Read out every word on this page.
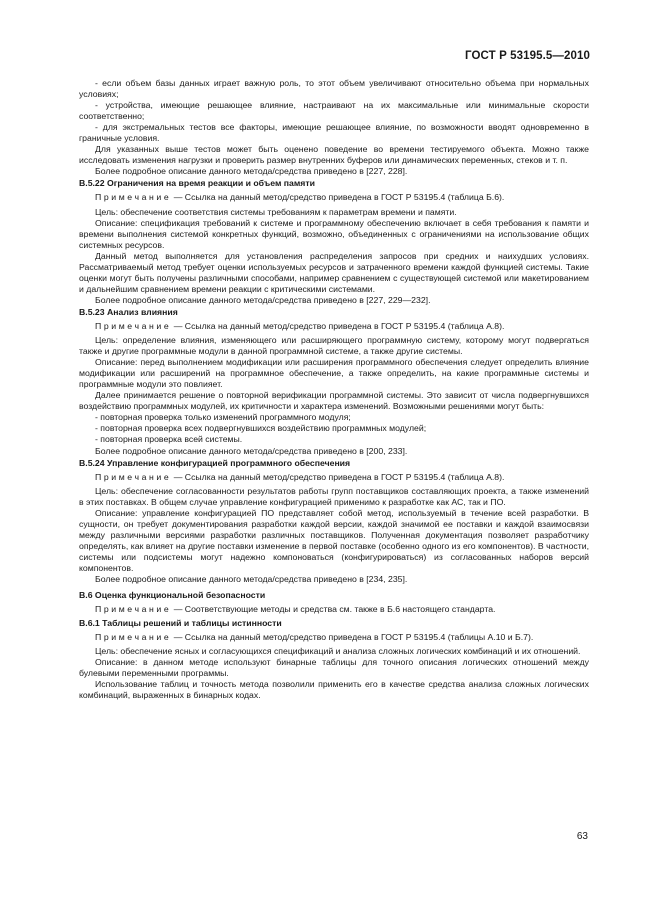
ГОСТ Р 53195.5—2010

- если объем базы данных играет важную роль, то этот объем увеличивают относительно объема при нормальных условиях;

- устройства, имеющие решающее влияние, настраивают на их максимальные или минимальные скорости соответственно;

- для экстремальных тестов все факторы, имеющие решающее влияние, по возможности вводят одновременно в граничные условия.

Для указанных выше тестов может быть оценено поведение во времени тестируемого объекта. Можно также исследовать изменения нагрузки и проверить размер внутренних буферов или динамических переменных, стеков и т. п.

Более подробное описание данного метода/средства приведено в [227, 228].

В.5.22 Ограничения на время реакции и объем памяти

Примечание — Ссылка на данный метод/средство приведена в ГОСТ Р 53195.4 (таблица Б.6).

Цель: обеспечение соответствия системы требованиям к параметрам времени и памяти.

Описание: спецификация требований к системе и программному обеспечению включает в себя требования к памяти и времени выполнения системой конкретных функций, возможно, объединенных с ограничениями на использование общих системных ресурсов.

Данный метод выполняется для установления распределения запросов при средних и наихудших условиях. Рассматриваемый метод требует оценки используемых ресурсов и затраченного времени каждой функцией системы. Такие оценки могут быть получены различными способами, например сравнением с существующей системой или макетированием и дальнейшим сравнением времени реакции с критическими системами.

Более подробное описание данного метода/средства приведено в [227, 229—232].

В.5.23 Анализ влияния

Примечание — Ссылка на данный метод/средство приведена в ГОСТ Р 53195.4 (таблица А.8).

Цель: определение влияния, изменяющего или расширяющего программную систему, которому могут подвергаться также и другие программные модули в данной программной системе, а также другие системы.

Описание: перед выполнением модификации или расширения программного обеспечения следует определить влияние модификации или расширений на программное обеспечение, а также определить, на какие программные системы и программные модули это повлияет.

Далее принимается решение о повторной верификации программной системы. Это зависит от числа подвергнувшихся воздействию программных модулей, их критичности и характера изменений. Возможными решениями могут быть:

- повторная проверка только изменений программного модуля;

- повторная проверка всех подвергнувшихся воздействию программных модулей;

- повторная проверка всей системы.

Более подробное описание данного метода/средства приведено в [200, 233].

В.5.24 Управление конфигурацией программного обеспечения

Примечание — Ссылка на данный метод/средство приведена в ГОСТ Р 53195.4 (таблица А.8).

Цель: обеспечение согласованности результатов работы групп поставщиков составляющих проекта, а также изменений в этих поставках. В общем случае управление конфигурацией применимо к разработке как АС, так и ПО.

Описание: управление конфигурацией ПО представляет собой метод, используемый в течение всей разработки. В сущности, он требует документирования разработки каждой версии, каждой значимой ее поставки и каждой взаимосвязи между различными версиями разработки различных поставщиков. Полученная документация позволяет разработчику определять, как влияет на другие поставки изменение в первой поставке (особенно одного из его компонентов). В частности, системы или подсистемы могут надежно компоноваться (конфигурироваться) из согласованных наборов версий компонентов.

Более подробное описание данного метода/средства приведено в [234, 235].

В.6 Оценка функциональной безопасности

Примечание — Соответствующие методы и средства см. также в Б.6 настоящего стандарта.

В.6.1 Таблицы решений и таблицы истинности

Примечание — Ссылка на данный метод/средство приведена в ГОСТ Р 53195.4 (таблицы А.10 и Б.7).

Цель: обеспечение ясных и согласующихся спецификаций и анализа сложных логических комбинаций и их отношений.

Описание: в данном методе используют бинарные таблицы для точного описания логических отношений между булевыми переменными программы.

Использование таблиц и точность метода позволили применить его в качестве средства анализа сложных логических комбинаций, выраженных в бинарных кодах.

63
